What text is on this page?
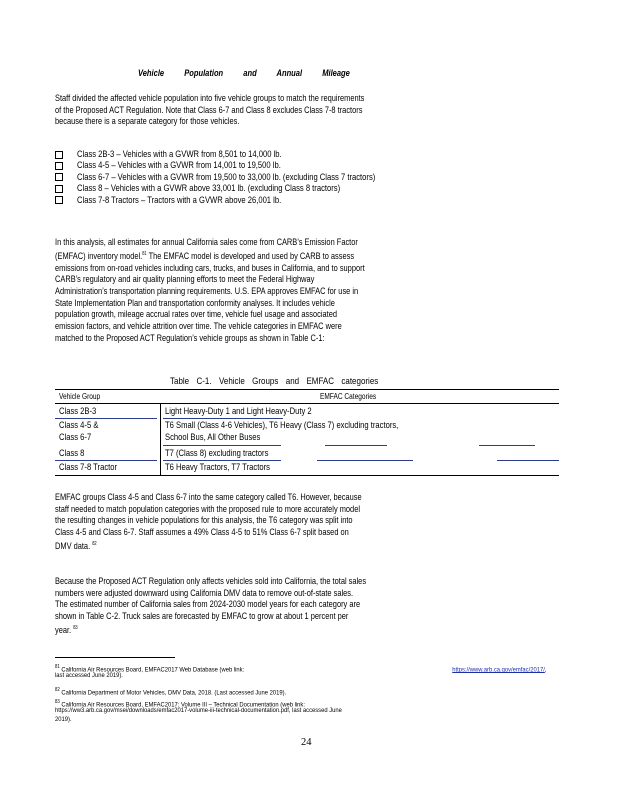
Vehicle Population and Annual Mileage
Staff divided the affected vehicle population into five vehicle groups to match the requirements
of the Proposed ACT Regulation. Note that Class 6-7 and Class 8 excludes Class 7-8 tractors
because there is a separate category for those vehicles.
Class 2B-3 – Vehicles with a GVWR from 8,501 to 14,000 lb.
Class 4-5 – Vehicles with a GVWR from 14,001 to 19,500 lb.
Class 6-7 – Vehicles with a GVWR from 19,500 to 33,000 lb. (excluding Class 7 tractors)
Class 8 – Vehicles with a GVWR above 33,001 lb. (excluding Class 8 tractors)
Class 7-8 Tractors – Tractors with a GVWR above 26,001 lb.
In this analysis, all estimates for annual California sales come from CARB’s Emission Factor
(EMFAC) inventory model.$^{81}$ The EMFAC model is developed and used by CARB to assess
emissions from on-road vehicles including cars, trucks, and buses in California, and to support
CARB’s regulatory and air quality planning efforts to meet the Federal Highway
Administration’s transportation planning requirements. U.S. EPA approves EMFAC for use in
State Implementation Plan and transportation conformity analyses. It includes vehicle
population growth, mileage accrual rates over time, vehicle fuel usage and associated
emission factors, and vehicle attrition over time. The vehicle categories in EMFAC were
matched to the Proposed ACT Regulation’s vehicle groups as shown in Table C-1:
Table C-1. Vehicle Groups and EMFAC categories
Vehicle Group	EMFAC Categories
Class 2B-3	Light Heavy-Duty 1 and Light Heavy-Duty 2
Class 4-5 &	T6 Small (Class 4-6 Vehicles), T6 Heavy (Class 7) excluding tractors,
Class 6-7	School Bus, All Other Buses
Class 8	T7 (Class 8) excluding tractors
Class 7-8 Tractor	T6 Heavy Tractors, T7 Tractors
EMFAC groups Class 4-5 and Class 6-7 into the same category called T6. However, because
staff needed to match population categories with the proposed rule to more accurately model
the resulting changes in vehicle populations for this analysis, the T6 category was split into
Class 4-5 and Class 6-7. Staff assumes a 49% Class 4-5 to 51% Class 6-7 split based on
DMV data. $^{82}$
Because the Proposed ACT Regulation only affects vehicles sold into California, the total sales
numbers were adjusted downward using California DMV data to remove out-of-state sales.
The estimated number of California sales from 2024-2030 model years for each category are
shown in Table C-2. Truck sales are forecasted by EMFAC to grow at about 1 percent per
year. $^{83}$
$^{81}$ California Air Resources Board, EMFAC2017 Web Database (web link:	https://www.arb.ca.gov/emfac/2017/,
last accessed June 2019).
$^{82}$ California Department of Motor Vehicles, DMV Data, 2018. (Last accessed June 2019).
$^{83}$ California Air Resources Board, EMFAC2017: Volume III – Technical Documentation (web link:
https://ww3.arb.ca.gov/msei/downloads/emfac2017-volume-iii-technical-documentation.pdf, last accessed June
2019).
24
